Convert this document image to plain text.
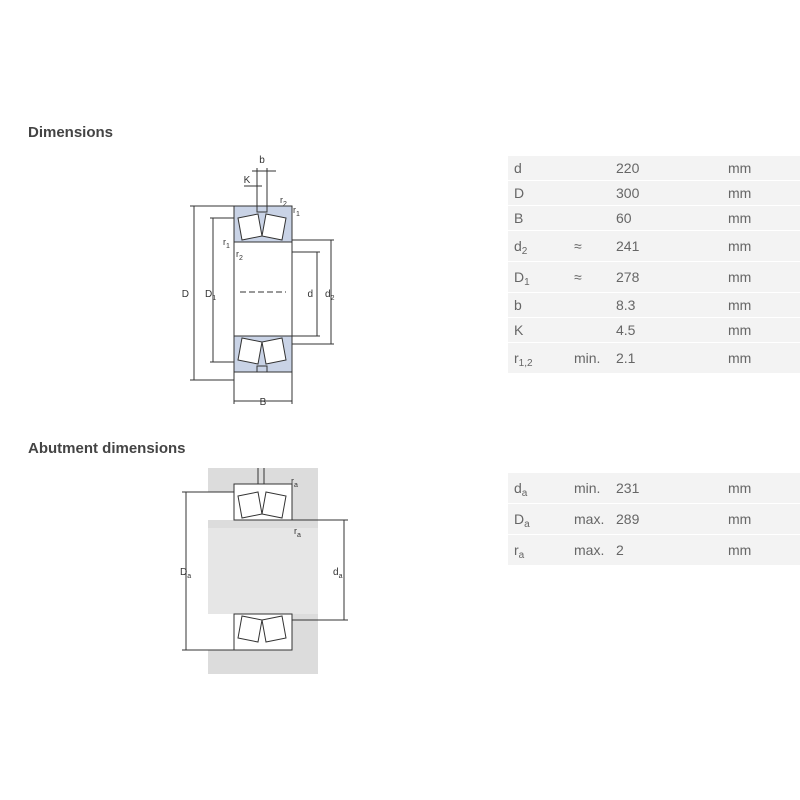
Dimensions
b
K
$r_2$
$r_1$
$r_1$
$r_2$
D $D_1$	d $d_2$
B
d		220	mm
D		300	mm
B		60	mm
$d_2$	≈	241	mm
$D_1$	≈	278	mm
b		8.3	mm
K		4.5	mm
$r_{1,2}$	min.	2.1	mm
Abutment dimensions
$r_a$
$r_a$
$D_a$	$d_a$
$d_a$	min.	231	mm
$D_a$	max.	289	mm
$r_a$	max.	2	mm
